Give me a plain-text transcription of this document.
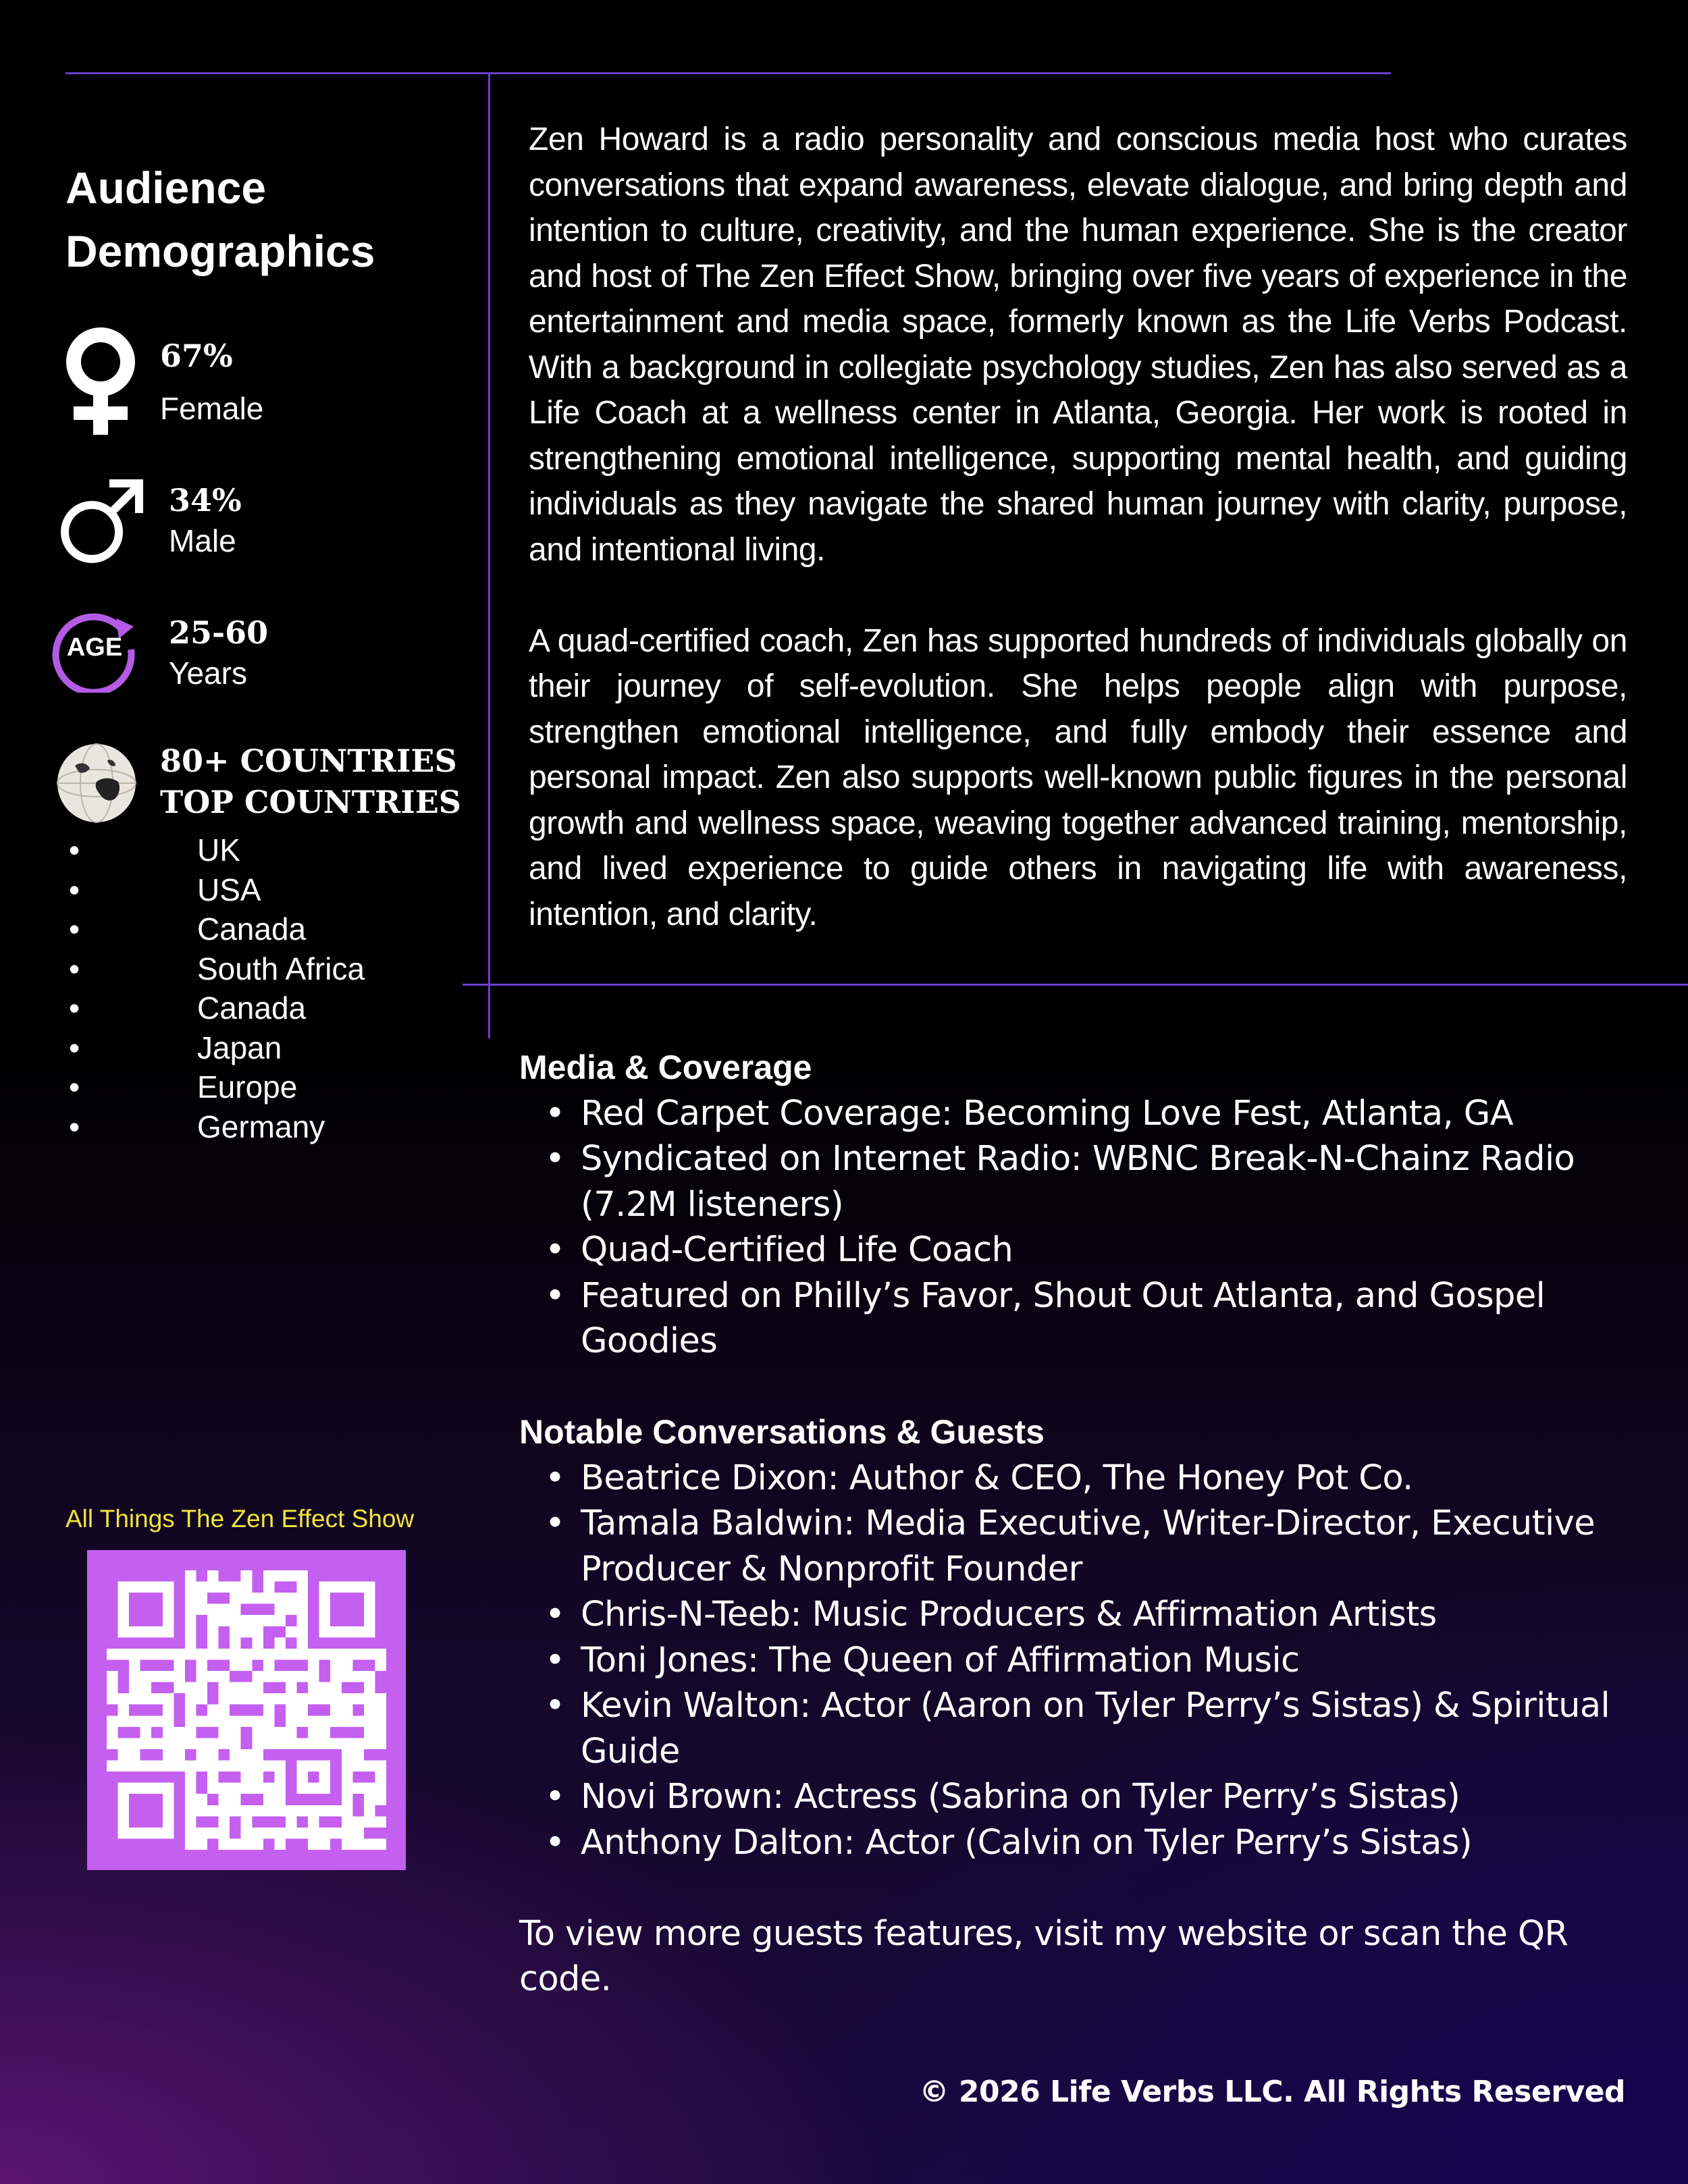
Audience Demographics
67%
Female
34%
Male
AGE	25-60
Years
80+ COUNTRIES
TOP COUNTRIES
• UK
• USA
• Canada
• South Africa
• Canada
• Japan
• Europe
• Germany
All Things The Zen Effect Show

Zen Howard is a radio personality and conscious media host who curates conversations that expand awareness, elevate dialogue, and bring depth and intention to culture, creativity, and the human experience. She is the creator and host of The Zen Effect Show, bringing over five years of experience in the entertainment and media space, formerly known as the Life Verbs Podcast. With a background in collegiate psychology studies, Zen has also served as a Life Coach at a wellness center in Atlanta, Georgia. Her work is rooted in strengthening emotional intelligence, supporting mental health, and guiding individuals as they navigate the shared human journey with clarity, purpose, and intentional living.

A quad-certified coach, Zen has supported hundreds of individuals globally on their journey of self-evolution. She helps people align with purpose, strengthen emotional intelligence, and fully embody their essence and personal impact. Zen also supports well-known public figures in the personal growth and wellness space, weaving together advanced training, mentorship, and lived experience to guide others in navigating life with awareness, intention, and clarity.

Media & Coverage
• Red Carpet Coverage: Becoming Love Fest, Atlanta, GA
• Syndicated on Internet Radio: WBNC Break-N-Chainz Radio (7.2M listeners)
• Quad-Certified Life Coach
• Featured on Philly’s Favor, Shout Out Atlanta, and Gospel Goodies
Notable Conversations & Guests
• Beatrice Dixon: Author & CEO, The Honey Pot Co.
• Tamala Baldwin: Media Executive, Writer-Director, Executive Producer & Nonprofit Founder
• Chris-N-Teeb: Music Producers & Affirmation Artists
• Toni Jones: The Queen of Affirmation Music
• Kevin Walton: Actor (Aaron on Tyler Perry’s Sistas) & Spiritual Guide
• Novi Brown: Actress (Sabrina on Tyler Perry’s Sistas)
• Anthony Dalton: Actor (Calvin on Tyler Perry’s Sistas)

To view more guests features, visit my website or scan the QR code.

© 2026 Life Verbs LLC. All Rights Reserved
